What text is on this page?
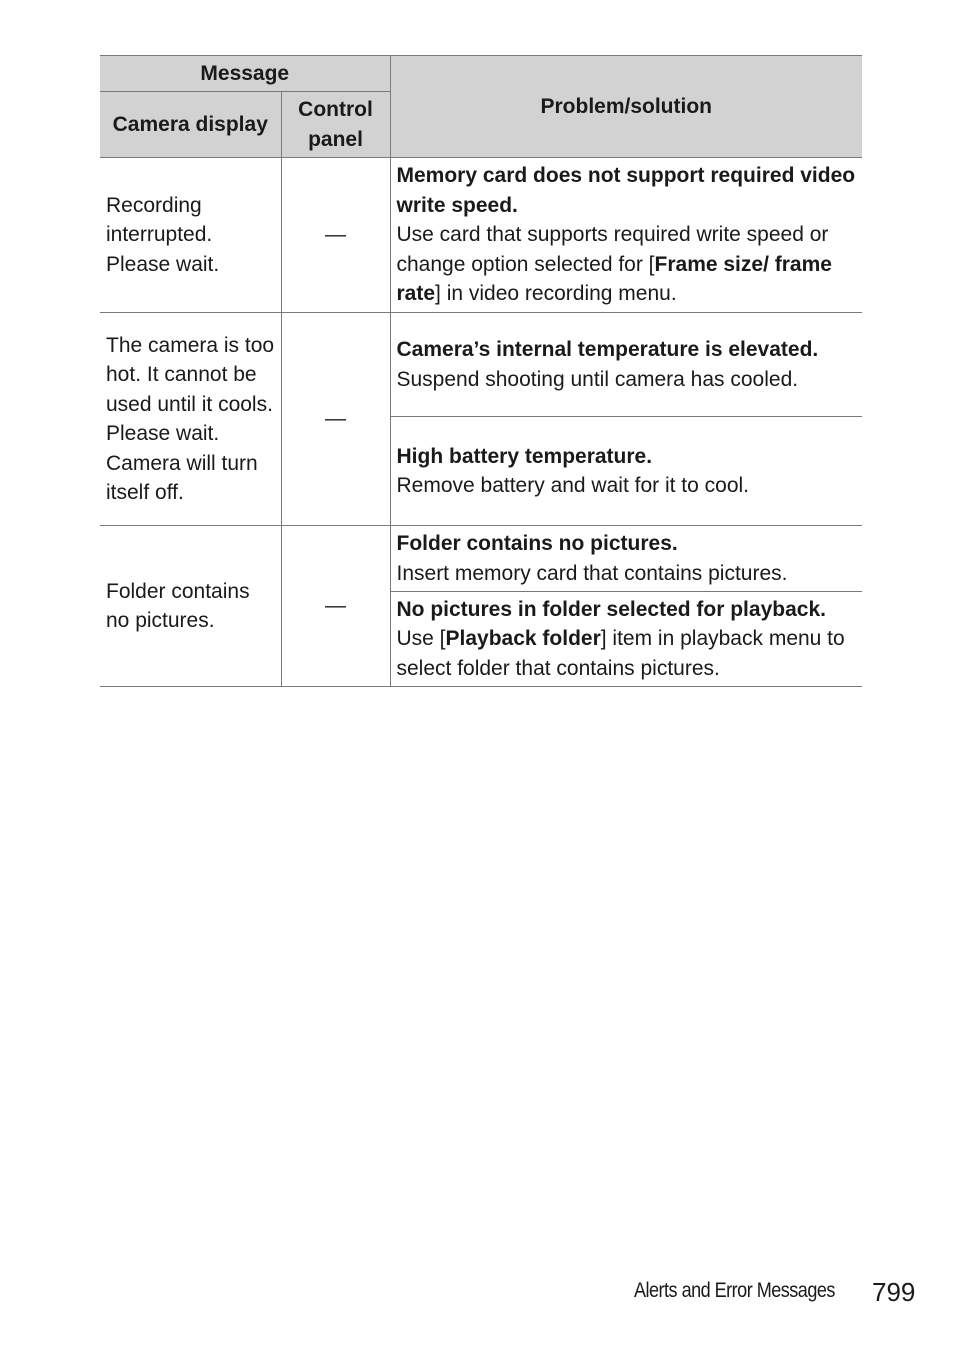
Message		Problem/solution
Camera display	Control panel	
Recording interrupted. Please wait.	—	Memory card does not support required video write speed.
Use card that supports required write speed or change option selected for [Frame size/ frame rate] in video recording menu.
The camera is too hot. It cannot be used until it cools. Please wait. Camera will turn itself off.	—	Camera’s internal temperature is elevated.
Suspend shooting until camera has cooled.

		High battery temperature.
Remove battery and wait for it to cool.
Folder contains no pictures.	—	Folder contains no pictures.
Insert memory card that contains pictures.

		No pictures in folder selected for playback.
Use [Playback folder] item in playback menu to select folder that contains pictures.
Alerts and Error Messages 799
